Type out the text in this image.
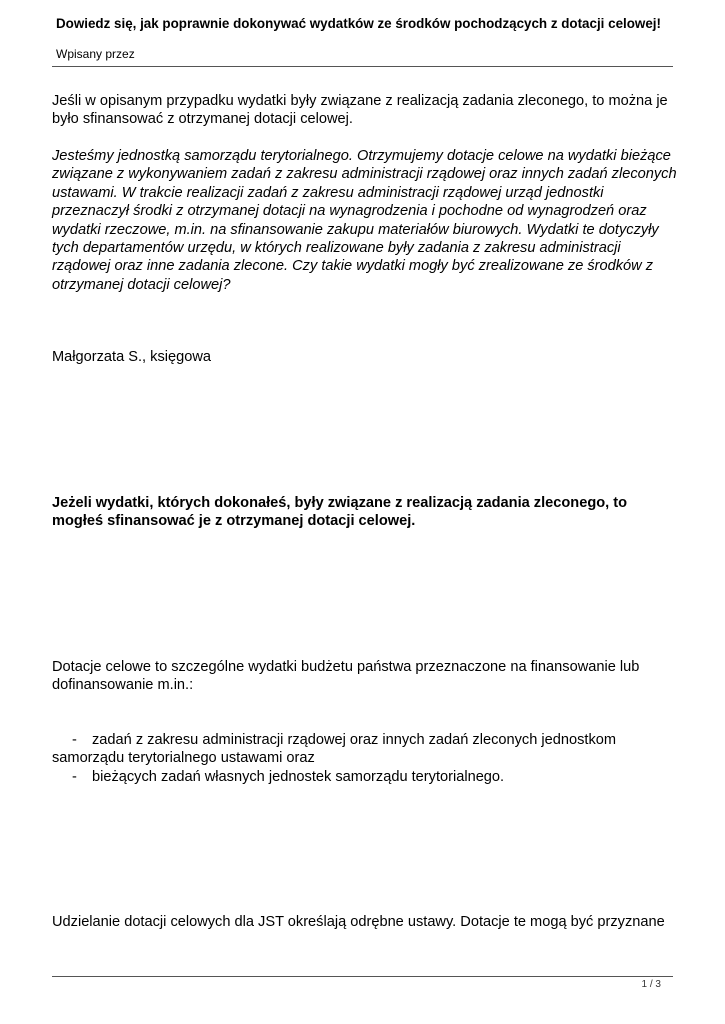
Dowiedz się, jak poprawnie dokonywać wydatków ze środków pochodzących z dotacji celowej!
Wpisany przez
Jeśli w opisanym przypadku wydatki były związane z realizacją zadania zleconego, to można je było sfinansować z otrzymanej dotacji celowej.
Jesteśmy jednostką samorządu terytorialnego. Otrzymujemy dotacje celowe na wydatki bieżące związane z wykonywaniem zadań z zakresu administracji rządowej oraz innych zadań zleconych ustawami. W trakcie realizacji zadań z zakresu administracji rządowej urząd jednostki przeznaczył środki z otrzymanej dotacji na wynagrodzenia i pochodne od wynagrodzeń oraz wydatki rzeczowe, m.in. na sfinansowanie zakupu materiałów biurowych. Wydatki te dotyczyły tych departamentów urzędu, w których realizowane były zadania z zakresu administracji rządowej oraz inne zadania zlecone. Czy takie wydatki mogły być zrealizowane ze środków z otrzymanej dotacji celowej?
Małgorzata S., księgowa
Jeżeli wydatki, których dokonałeś, były związane z realizacją zadania zleconego, to mogłeś sfinansować je z otrzymanej dotacji celowej.
Dotacje celowe to szczególne wydatki budżetu państwa przeznaczone na finansowanie lub dofinansowanie m.in.:
- zadań z zakresu administracji rządowej oraz innych zadań zleconych jednostkom samorządu terytorialnego ustawami oraz
- bieżących zadań własnych jednostek samorządu terytorialnego.
Udzielanie dotacji celowych dla JST określają odrębne ustawy. Dotacje te mogą być przyznane
1 / 3
